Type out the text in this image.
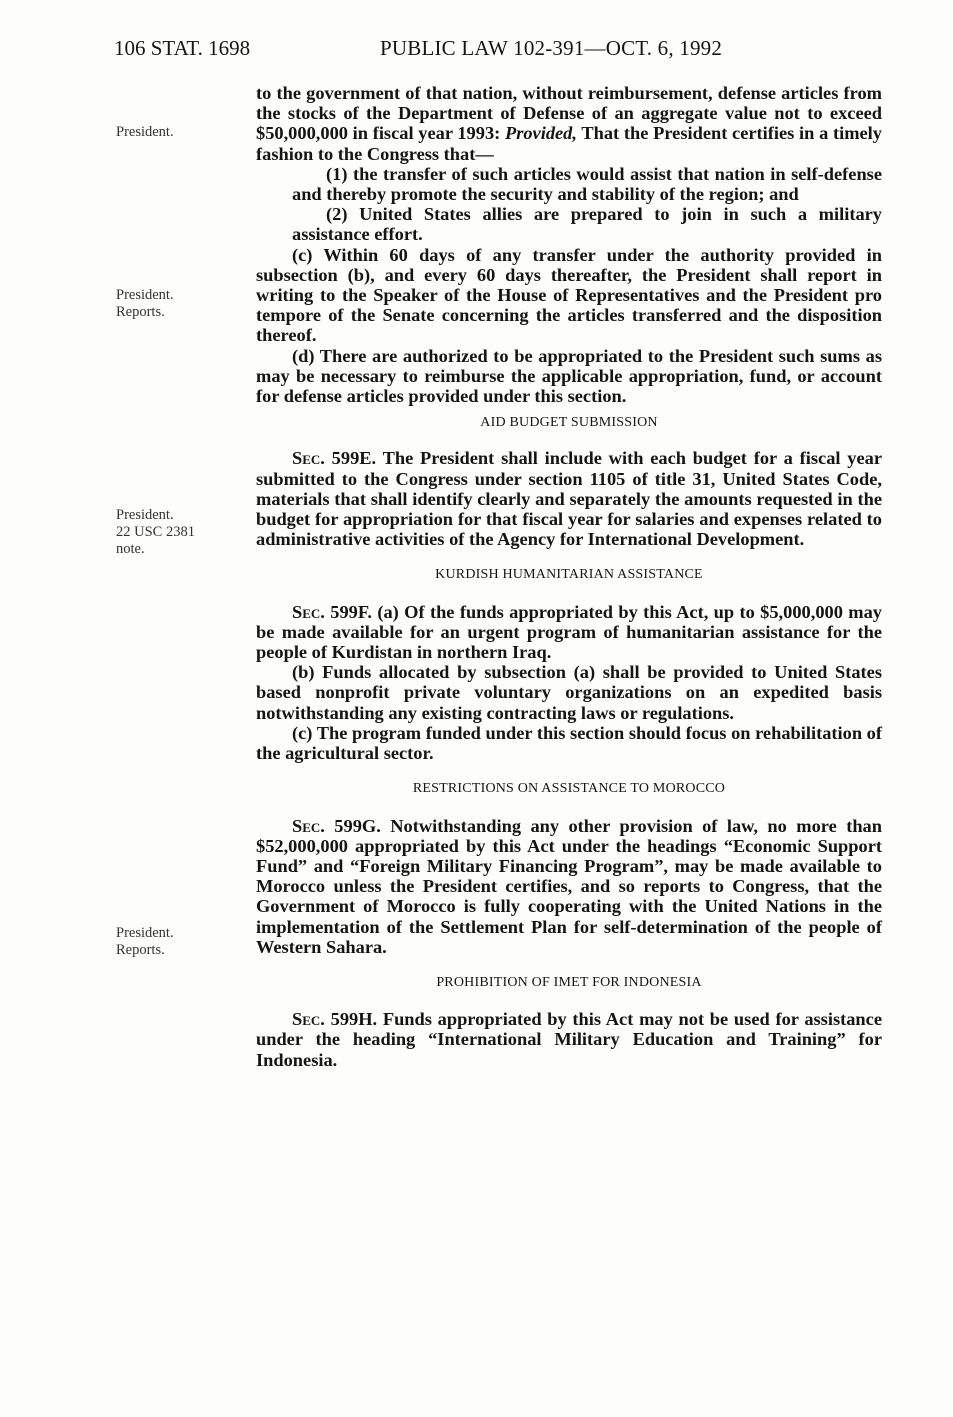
106 STAT. 1698	PUBLIC LAW 102-391—OCT. 6, 1992
President.
President.
Reports.
President.
22 USC 2381
note.
President.
Reports.

to the government of that nation, without reimbursement, defense articles from the stocks of the Department of Defense of an aggregate value not to exceed $50,000,000 in fiscal year 1993: Provided, That the President certifies in a timely fashion to the Congress that—

(1) the transfer of such articles would assist that nation in self-defense and thereby promote the security and stability of the region; and

(2) United States allies are prepared to join in such a military assistance effort.

(c) Within 60 days of any transfer under the authority provided in subsection (b), and every 60 days thereafter, the President shall report in writing to the Speaker of the House of Representatives and the President pro tempore of the Senate concerning the articles transferred and the disposition thereof.

(d) There are authorized to be appropriated to the President such sums as may be necessary to reimburse the applicable appropriation, fund, or account for defense articles provided under this section.

AID BUDGET SUBMISSION

Sec. 599E. The President shall include with each budget for a fiscal year submitted to the Congress under section 1105 of title 31, United States Code, materials that shall identify clearly and separately the amounts requested in the budget for appropriation for that fiscal year for salaries and expenses related to administrative activities of the Agency for International Development.

KURDISH HUMANITARIAN ASSISTANCE

Sec. 599F. (a) Of the funds appropriated by this Act, up to $5,000,000 may be made available for an urgent program of humanitarian assistance for the people of Kurdistan in northern Iraq.

(b) Funds allocated by subsection (a) shall be provided to United States based nonprofit private voluntary organizations on an expedited basis notwithstanding any existing contracting laws or regulations.

(c) The program funded under this section should focus on rehabilitation of the agricultural sector.

RESTRICTIONS ON ASSISTANCE TO MOROCCO

Sec. 599G. Notwithstanding any other provision of law, no more than $52,000,000 appropriated by this Act under the headings “Economic Support Fund” and “Foreign Military Financing Program”, may be made available to Morocco unless the President certifies, and so reports to Congress, that the Government of Morocco is fully cooperating with the United Nations in the implementation of the Settlement Plan for self-determination of the people of Western Sahara.

PROHIBITION OF IMET FOR INDONESIA

Sec. 599H. Funds appropriated by this Act may not be used for assistance under the heading “International Military Education and Training” for Indonesia.
